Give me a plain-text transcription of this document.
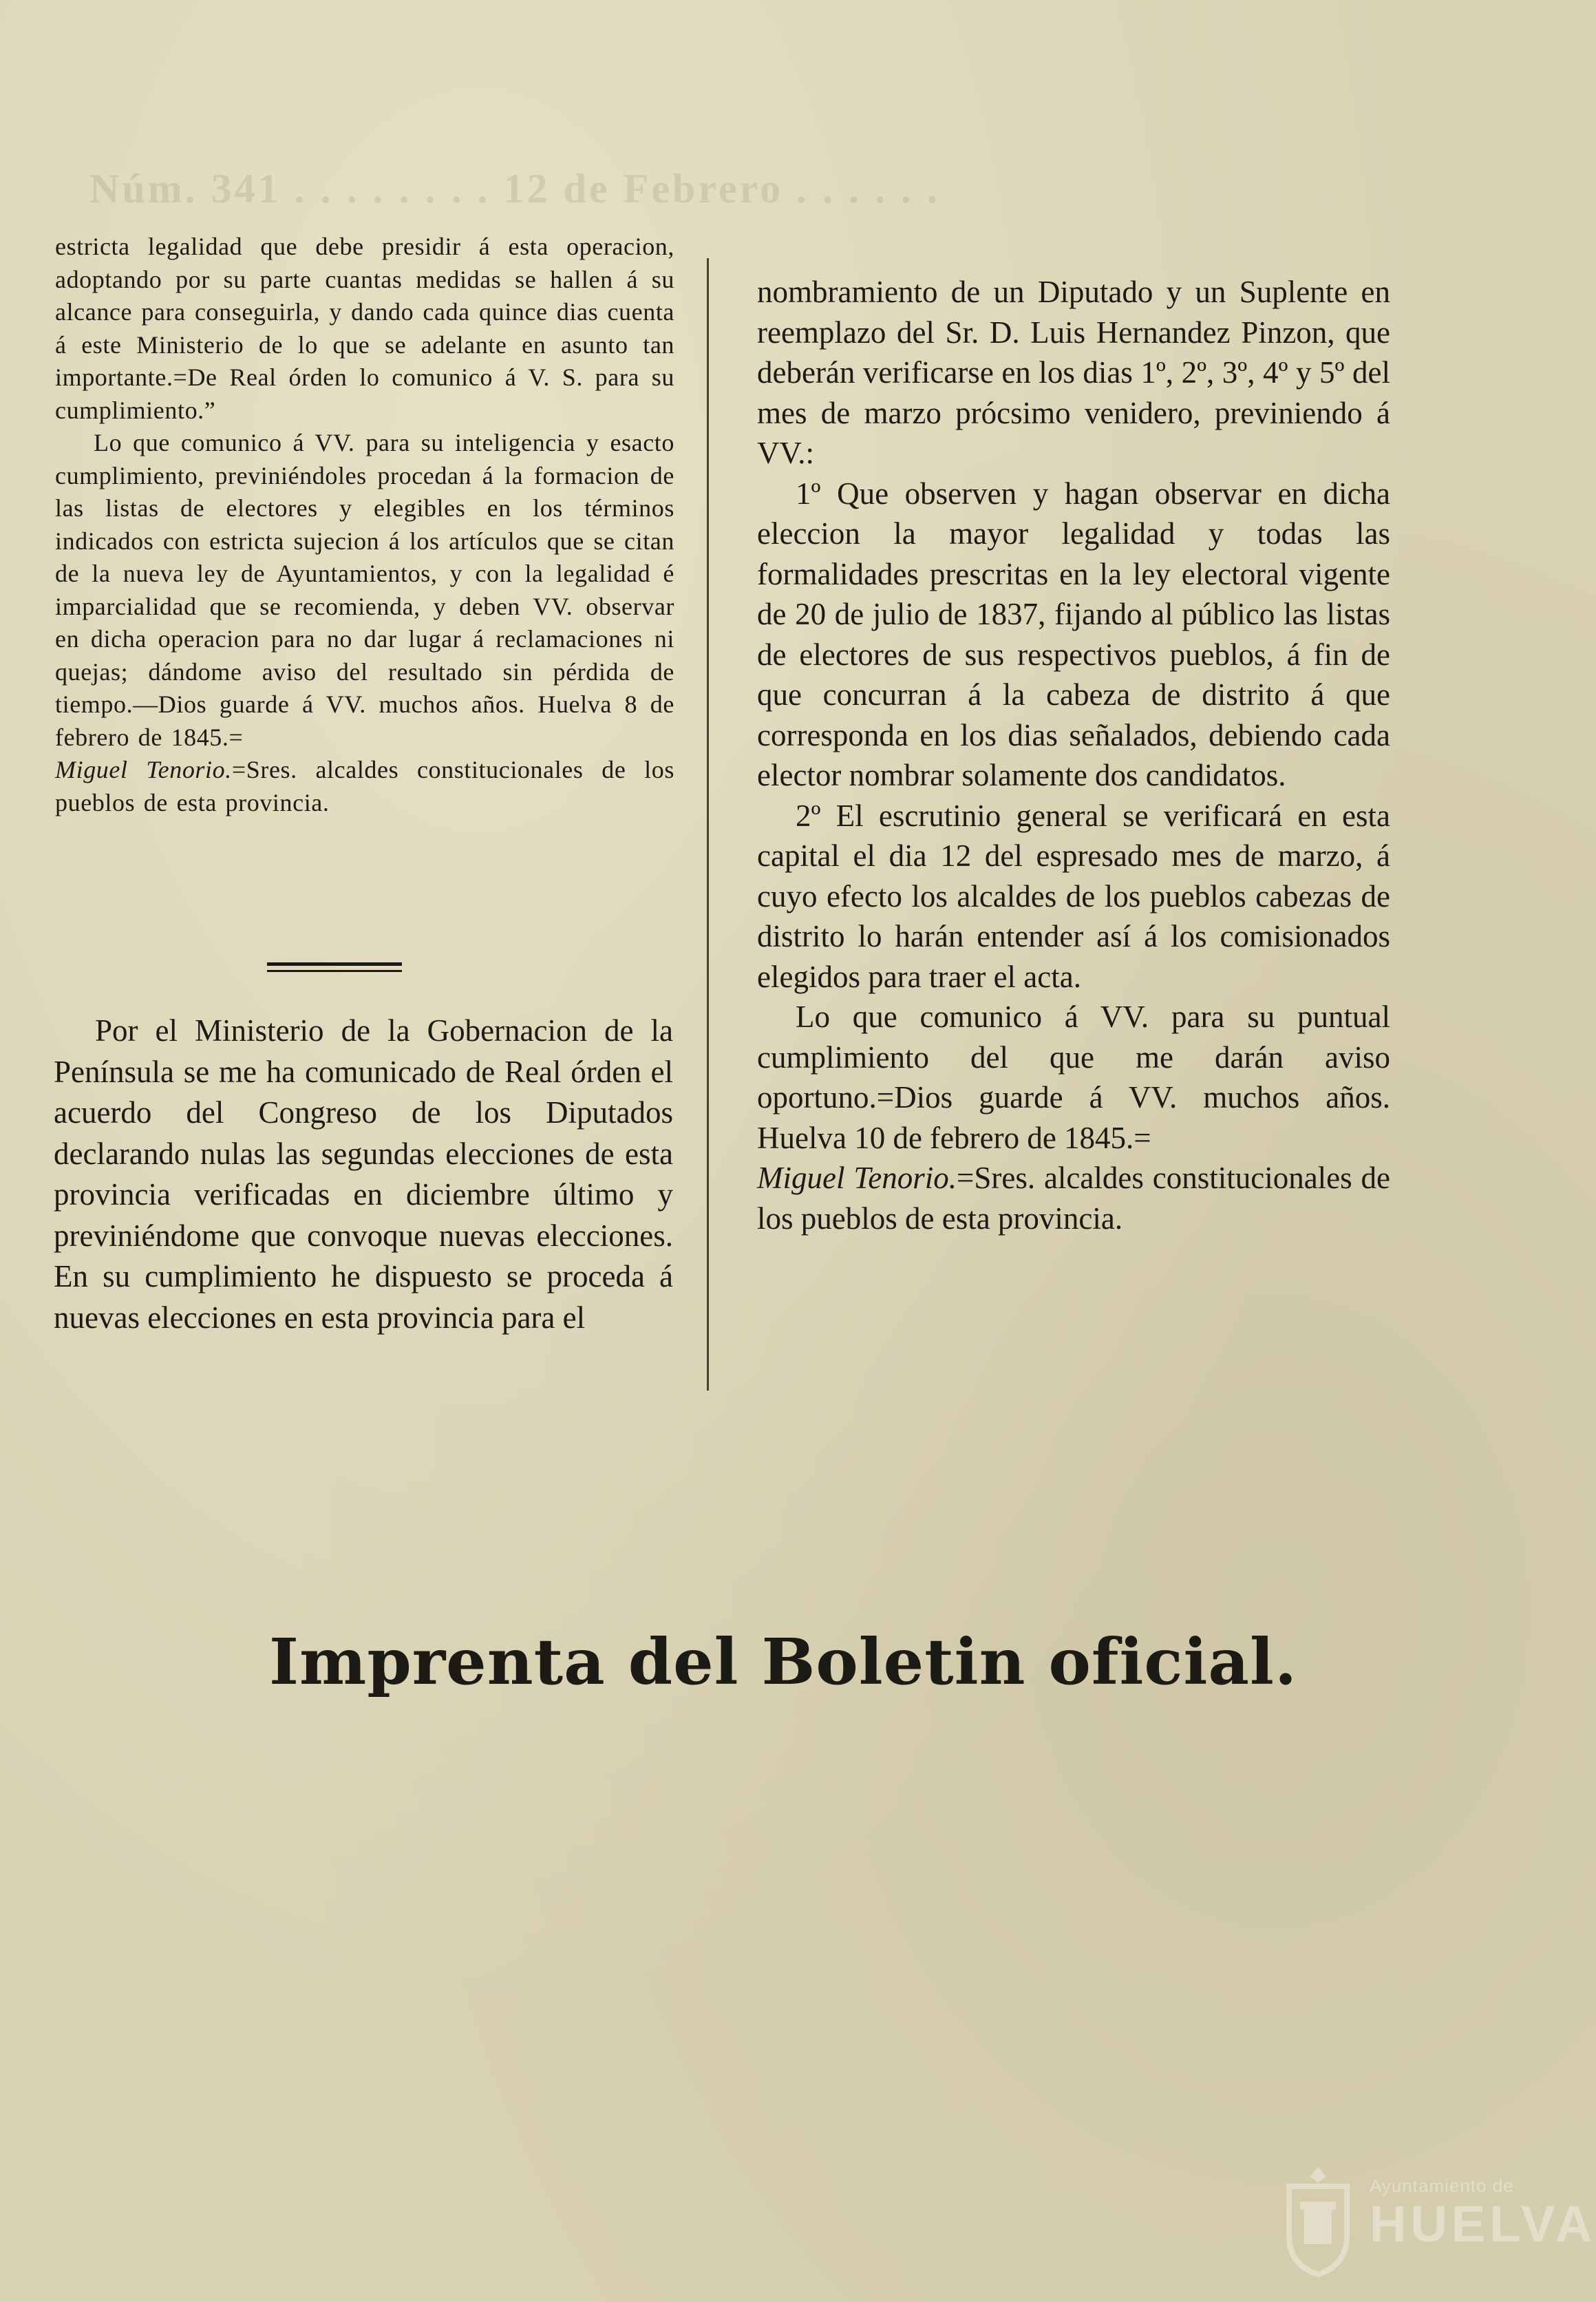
Núm. 341 . . . . . . . . 12 de Febrero . . . . . .

estricta legalidad que debe presidir á esta operacion, adoptando por su parte cuantas medidas se hallen á su alcance para conseguirla, y dando cada quince dias cuenta á este Ministerio de lo que se adelante en asunto tan importante.=De Real órden lo comunico á V. S. para su cumplimiento.”

Lo que comunico á VV. para su inteligencia y esacto cumplimiento, previniéndoles procedan á la formacion de las listas de electores y elegibles en los términos indicados con estricta sujecion á los artículos que se citan de la nueva ley de Ayuntamientos, y con la legalidad é imparcialidad que se recomienda, y deben VV. observar en dicha operacion para no dar lugar á reclamaciones ni quejas; dándome aviso del resultado sin pérdida de tiempo.—Dios guarde á VV. muchos años. Huelva 8 de febrero de 1845.=

Miguel Tenorio.=Sres. alcaldes constitucionales de los pueblos de esta provincia.

Por el Ministerio de la Gobernacion de la Península se me ha comunicado de Real órden el acuerdo del Congreso de los Diputados declarando nulas las segundas elecciones de esta provincia verificadas en diciembre último y previniéndome que convoque nuevas elecciones. En su cumplimiento he dispuesto se proceda á nuevas elecciones en esta provincia para el

nombramiento de un Diputado y un Suplente en reemplazo del Sr. D. Luis Hernandez Pinzon, que deberán verificarse en los dias 1º, 2º, 3º, 4º y 5º del mes de marzo prócsimo venidero, previniendo á VV.:

1º Que observen y hagan observar en dicha eleccion la mayor legalidad y todas las formalidades prescritas en la ley electoral vigente de 20 de julio de 1837, fijando al público las listas de electores de sus respectivos pueblos, á fin de que concurran á la cabeza de distrito á que corresponda en los dias señalados, debiendo cada elector nombrar solamente dos candidatos.

2º El escrutinio general se verificará en esta capital el dia 12 del espresado mes de marzo, á cuyo efecto los alcaldes de los pueblos cabezas de distrito lo harán entender así á los comisionados elegidos para traer el acta.

Lo que comunico á VV. para su puntual cumplimiento del que me darán aviso oportuno.=Dios guarde á VV. muchos años. Huelva 10 de febrero de 1845.=

Miguel Tenorio.=Sres. alcaldes constitucionales de los pueblos de esta provincia.

Imprenta del Boletin oficial.
Ayuntamiento de
HUELVA
